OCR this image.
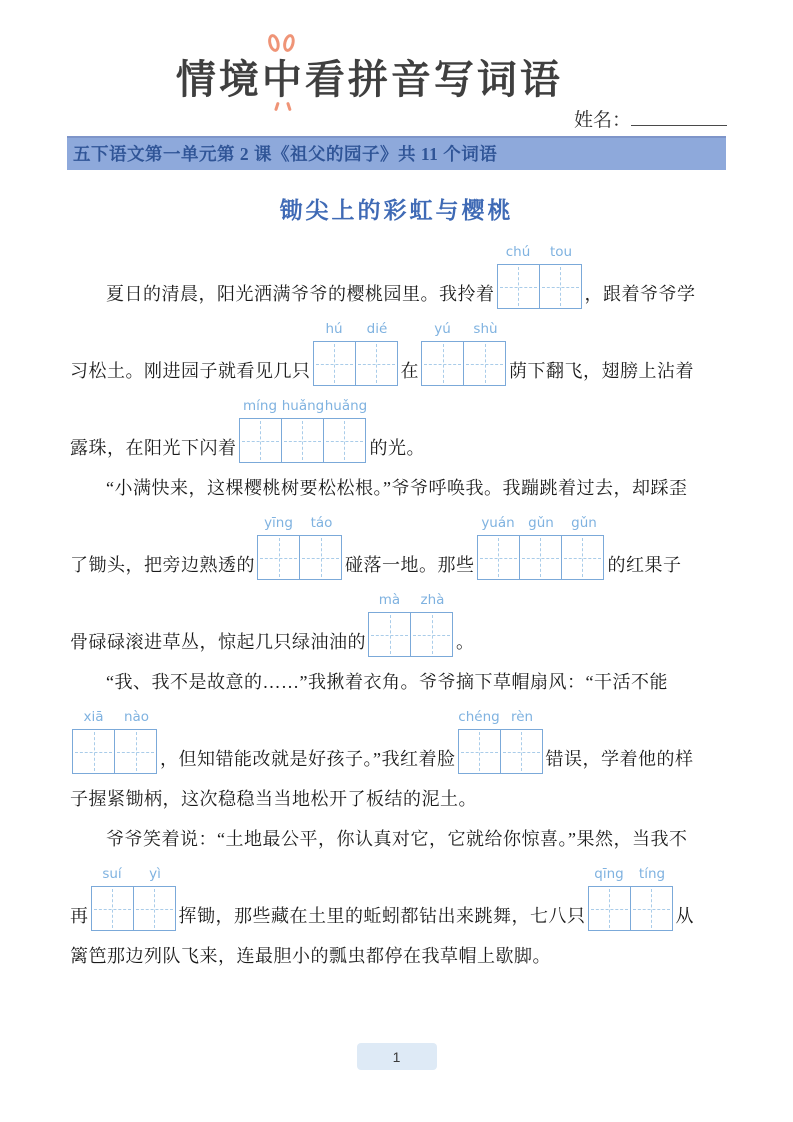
情境
中看拼音写词语
姓名：
五下语文第一单元第 2 课《祖父的园子》共 11 个词语
锄尖上的彩虹与樱桃
夏日的清晨，阳光洒满爷爷的樱桃园里。我拎着
chú	tou
，跟着爷爷学
习松土。刚进园子就看见几只
hú	dié
在
yú	shù
荫下翻飞，翅膀上沾着
露珠，在阳光下闪着
míng huǎng huǎng
的光。
“小满快来，这棵樱桃树要松松根。”爷爷呼唤我。我蹦跳着过去，却踩歪
了锄头，把旁边熟透的
yīng	táo
碰落一地。那些
yuán gǔn	gǔn
的红果子
骨碌碌滚进草丛，惊起几只绿油油的
mà	zhà
。
“我、我不是故意的……”我揪着衣角。爷爷摘下草帽扇风：“干活不能
xiā	nào
，但知错能改就是好孩子。”我红着脸
chéng rèn
错误，学着他的样
子握紧锄柄，这次稳稳当当地松开了板结的泥土。
爷爷笑着说：“土地最公平，你认真对它，它就给你惊喜。”果然，当我不
再
suí	yì
挥锄，那些藏在土里的蚯蚓都钻出来跳舞，七八只
qīng	tíng
从
篱笆那边列队飞来，连最胆小的瓢虫都停在我草帽上歇脚。
1
